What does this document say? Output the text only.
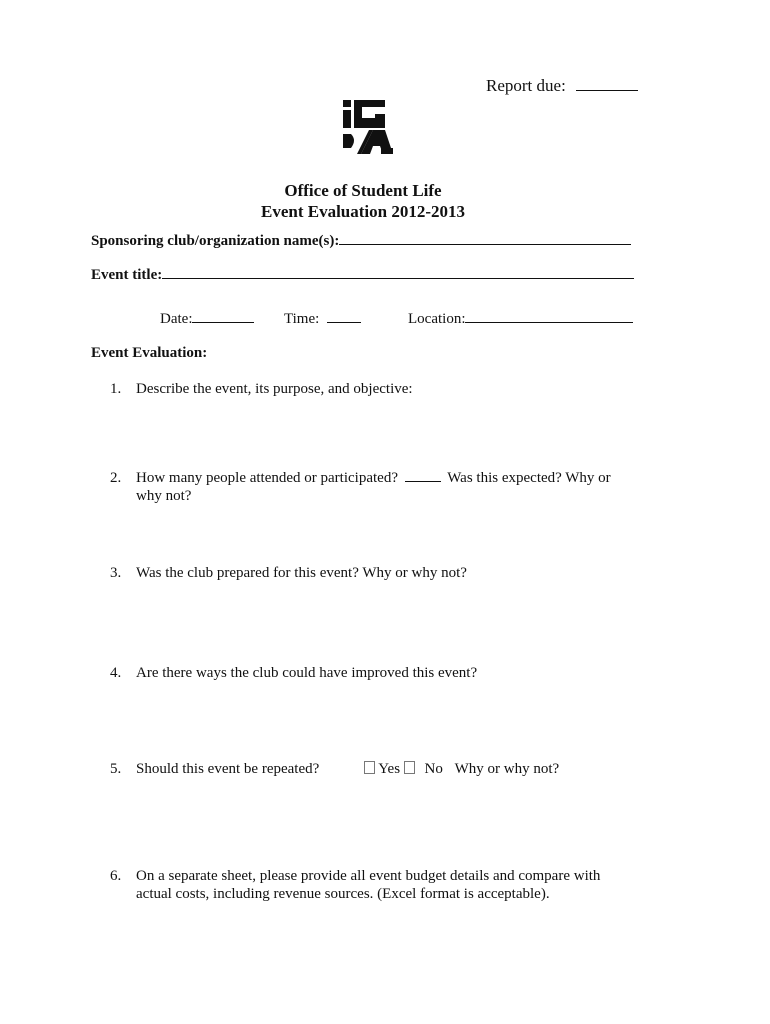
Report due:
Office of Student Life
Event Evaluation 2012-2013
Sponsoring club/organization name(s):
Event title:
Date:	Time:	Location:
Event Evaluation:
1. Describe the event, its purpose, and objective:
2. How many people attended or participated?	Was this expected? Why or
why not?
3. Was the club prepared for this event? Why or why not?
4. Are there ways the club could have improved this event?
5. Should this event be repeated?	Yes No Why or why not?
6. On a separate sheet, please provide all event budget details and compare with
actual costs, including revenue sources. (Excel format is acceptable).
